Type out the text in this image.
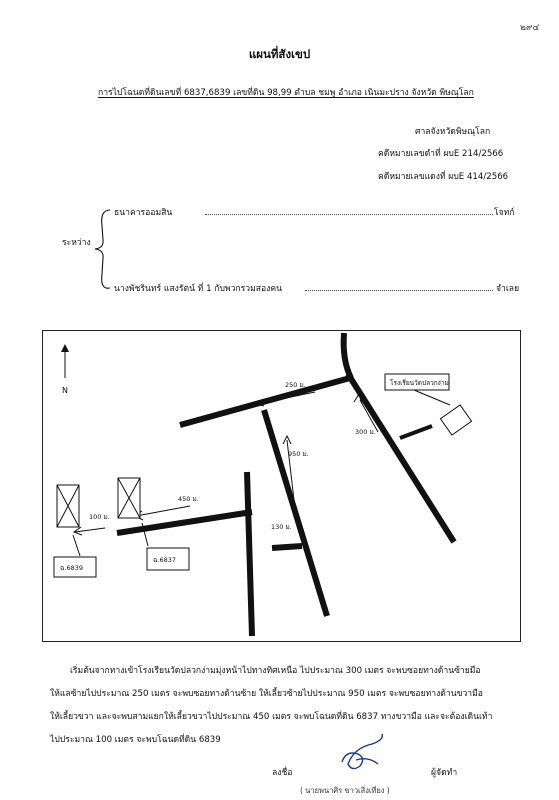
๒๙๔
แผนที่สังเขป
การไปโฉนดที่ดินเลขที่ 6837,6839 เลขที่ดิน 98,99 ตำบล ชมพู อำเภอ เนินมะปราง จังหวัด พิษณุโลก
ศาลจังหวัดพิษณุโลก
คดีหมายเลขดำที่ ผบE 214/2566
คดีหมายเลขแดงที่ ผบE 414/2566
ระหว่าง
ธนาคารออมสิน	โจทก์
นางพัชรินทร์ แสงรัตน์ ที่ 1 กับพวกรวมสองคน	จำเลย
N
โรงเรียนวัดปลวกง่าม
250 ม.
300 ม.
950 ม.
450 ม.
130 ม.
100 ม.
ฉ.6839
ฉ.6837
เริ่มต้นจากทางเข้าโรงเรียนวัดปลวกง่ามมุ่งหน้าไปทางทิศเหนือ ไปประมาณ 300 เมตร จะพบซอยทางด้านซ้ายมือ
ให้แลซ้ายไปประมาณ 250 เมตร จะพบซอยทางด้านซ้าย ให้เลี้ยวซ้ายไปประมาณ 950 เมตร จะพบซอยทางด้านขวามือ
ให้เลี้ยวขวา และจะพบสามแยกให้เลี้ยวขวาไปประมาณ 450 เมตร จะพบโฉนดที่ดิน 6837 ทางขวามือ และจะต้องเดินเท้า
ไปประมาณ 100 เมตร จะพบโฉนดที่ดิน 6839
ลงชื่อ	ผู้จัดทำ
( นายพนาศิร ขาวเสิ่งเที่ยง )
